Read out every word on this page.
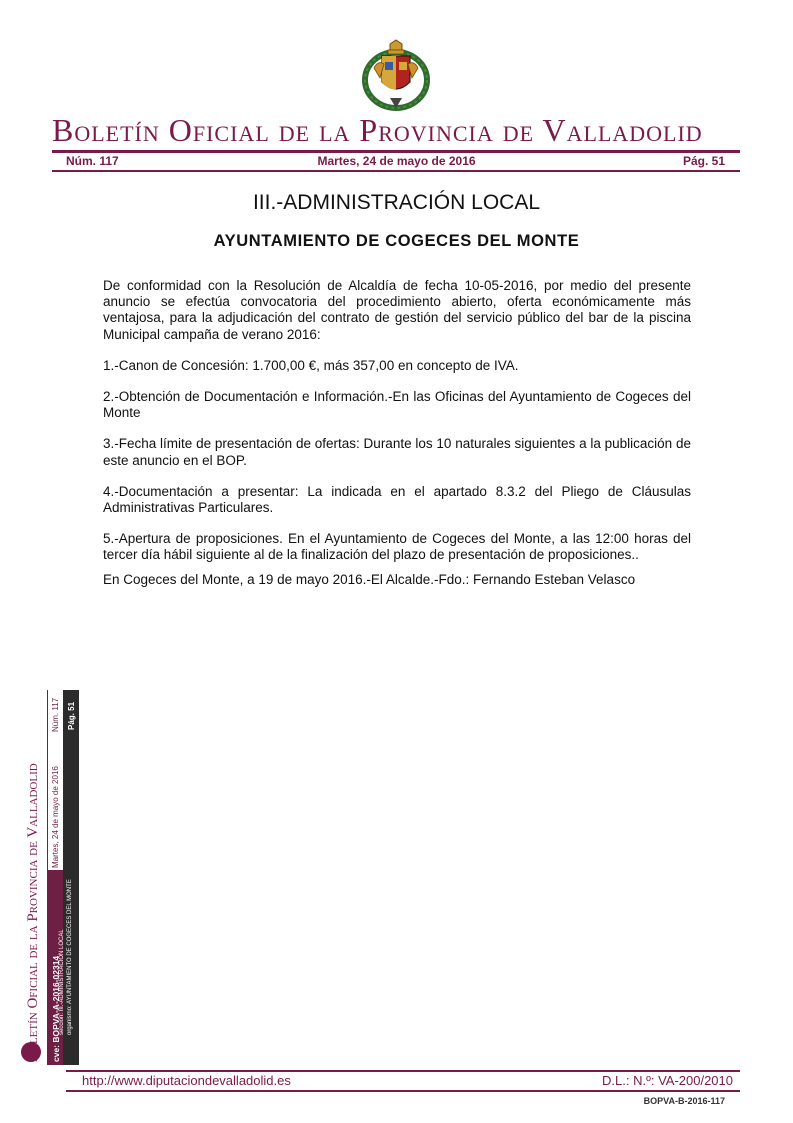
Boletín Oficial de la Provincia de Valladolid
Núm. 117	Martes, 24 de mayo de 2016	Pág. 51
III.-ADMINISTRACIÓN LOCAL
AYUNTAMIENTO DE COGECES DEL MONTE

De conformidad con la Resolución de Alcaldía de fecha 10-05-2016, por medio del presente anuncio se efectúa convocatoria del procedimiento abierto, oferta económicamente más ventajosa, para la adjudicación del contrato de gestión del servicio público del bar de la piscina Municipal campaña de verano 2016:

1.-Canon de Concesión: 1.700,00 €, más 357,00 en concepto de IVA.

2.-Obtención de Documentación e Información.-En las Oficinas del Ayuntamiento de Cogeces del Monte

3.-Fecha límite de presentación de ofertas: Durante los 10 naturales siguientes a la publicación de este anuncio en el BOP.

4.-Documentación a presentar: La indicada en el apartado 8.3.2 del Pliego de Cláusulas Administrativas Particulares.

5.-Apertura de proposiciones. En el Ayuntamiento de Cogeces del Monte, a las 12:00 horas del tercer día hábil siguiente al de la finalización del plazo de presentación de proposiciones..

En Cogeces del Monte, a 19 de mayo 2016.-El Alcalde.-Fdo.: Fernando Esteban Velasco

Boletín Oficial de la Provincia de Valladolid	cve: BOPVA-A-2016-02314
Martes, 24 de mayo de 2016
Núm. 117
sección: III.-ADMINISTRACIÓN LOCAL organismo: AYUNTAMIENTO DE COGECES DEL MONTE
Pág. 51
http://www.diputaciondevalladolid.es	D.L.: N.º: VA-200/2010
BOPVA-B-2016-117
